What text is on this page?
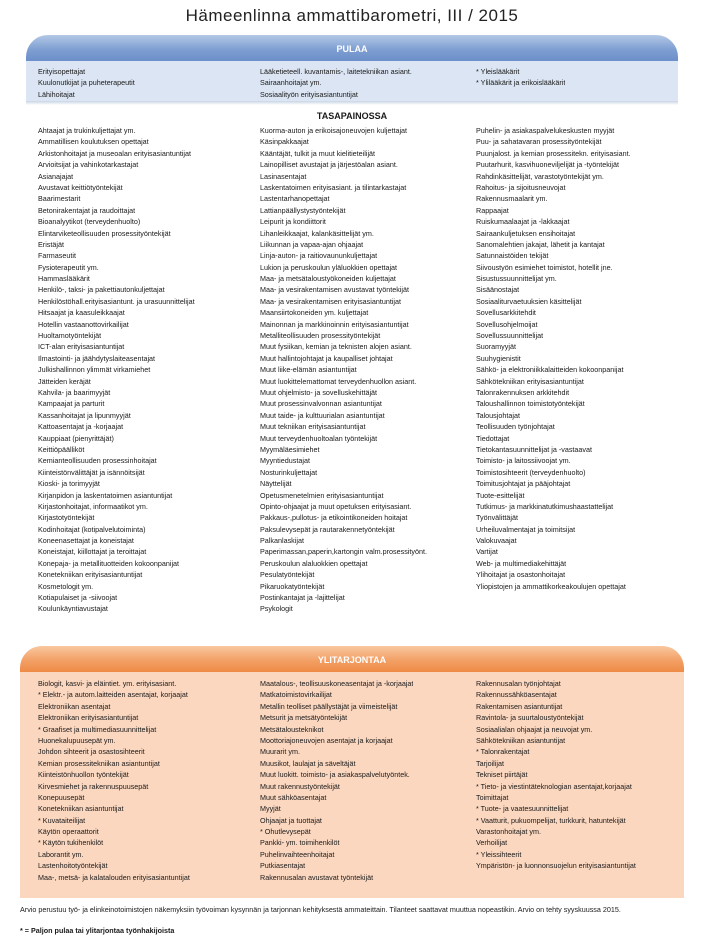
Hämeenlinna ammattibarometri, III / 2015
PULAA
Erityisopettajat
Kuulonutkijat ja puheterapeutit
Lähihoitajat
Lääketieteell. kuvantamis-, laitetekniikan asiant.
Sairaanhoitajat ym.
Sosiaalityön erityisasiantuntijat
* Yleislääkärit
* Ylilääkärit ja erikoislääkärit
TASAPAINOSSA
Ahtaajat ja trukinkuljettajat ym.
Ammatillisen koulutuksen opettajat
Arkistonhoitajat ja museoalan erityisasiantuntijat
Arvioitsijat ja vahinkotarkastajat
Asianajajat
Avustavat keittiötyöntekijät
Baarimestarit
Betonirakentajat ja raudoittajat
Bioanalyytikot (terveydenhuolto)
Elintarviketeollisuuden prosessityöntekijät
Eristäjät
Farmaseutit
Fysioterapeutit ym.
Hammaslääkärit
Henkilö-, taksi- ja pakettiautonkuljettajat
Henkilöstöhall.erityisasiantunt. ja urasuunnittelijat
Hitsaajat ja kaasuleikkaajat
Hotellin vastaanottovirkailijat
Huoltamotyöntekijät
ICT-alan erityisasiantuntijat
Ilmastointi- ja jäähdytyslaiteasentajat
Julkishallinnon ylimmät virkamiehet
Jätteiden keräjät
Kahvila- ja baarimyyjät
Kampaajat ja parturit
Kassanhoitajat ja lipunmyyjät
Kattoasentajat ja -korjaajat
Kauppiaat (pienyrittäjät)
Keittiöpäälliköt
Kemianteollisuuden prosessinhoitajat
Kiinteistönvälittäjät ja isännöitsijät
Kioski- ja torimyyjät
Kirjanpidon ja laskentatoimen asiantuntijat
Kirjastonhoitajat, informaatikot ym.
Kirjastotyöntekijät
Kodinhoitajat (kotipalvelutoiminta)
Koneenasettajat ja koneistajat
Koneistajat, kiillottajat ja teroittajat
Konepaja- ja metallituotteiden kokoonpanijat
Konetekniikan erityisasiantuntijat
Kosmetologit ym.
Kotiapulaiset ja -siivoojat
Koulunkäyntiavustajat
Kuorma-auton ja erikoisajoneuvojen kuljettajat
Käsinpakkaajat
Kääntäjät, tulkit ja muut kielitieteilijät
Lainopilliset avustajat ja järjestöalan asiant.
Lasinasentajat
Laskentatoimen erityisasiant. ja tilintarkastajat
Lastentarhanopettajat
Lattianpäällystystyöntekijät
Leipurit ja kondiittorit
Lihanleikkaajat, kalankäsittelijät ym.
Liikunnan ja vapaa-ajan ohjaajat
Linja-auton- ja raitiovaununkuljettajat
Lukion ja peruskoulun yläluokkien opettajat
Maa- ja metsätaloustyökoneiden kuljettajat
Maa- ja vesirakentamisen avustavat työntekijät
Maa- ja vesirakentamisen erityisasiantuntijat
Maansiirtokoneiden ym. kuljettajat
Mainonnan ja markkinoinnin erityisasiantuntijat
Metalliteollisuuden prosessityöntekijät
Muut fysiikan, kemian ja teknisten alojen asiant.
Muut hallintojohtajat ja kaupalliset johtajat
Muut liike-elämän asiantuntijat
Muut luokittelemattomat terveydenhuollon asiant.
Muut ohjelmisto- ja sovelluskehittäjät
Muut prosessinvalvonnan asiantuntijat
Muut taide- ja kulttuurialan asiantuntijat
Muut tekniikan erityisasiantuntijat
Muut terveydenhuoltoalan työntekijät
Myymäläesimiehet
Myyntiedustajat
Nosturinkuljettajat
Näyttelijät
Opetusmenetelmien erityisasiantuntijat
Opinto-ohjaajat ja muut opetuksen erityisasiant.
Pakkaus-,pullotus- ja etikointikoneiden hoitajat
Paksulevysepät ja rautarakennetyöntekijät
Palkanlaskijat
Paperimassan,paperin,kartongin valm.prosessityönt.
Peruskoulun alaluokkien opettajat
Pesulatyöntekijät
Pikaruokatyöntekijät
Postinkantajat ja -lajittelijat
Psykologit
Puhelin- ja asiakaspalvelukeskusten myyjät
Puu- ja sahatavaran prosessityöntekijät
Puunjalost. ja kemian prosessitekn. erityisasiant.
Puutarhurit, kasvihuoneviljelijät ja -työntekijät
Rahdinkäsittelijät, varastotyöntekijät ym.
Rahoitus- ja sijoitusneuvojat
Rakennusmaalarit ym.
Rappaajat
Ruiskumaalaajat ja -lakkaajat
Sairaankuljetuksen ensihoitajat
Sanomalehtien jakajat, lähetit ja kantajat
Satunnaistöiden tekijät
Siivoustyön esimiehet toimistot, hotellit jne.
Sisustussuunnittelijat ym.
Sisäänostajat
Sosiaaliturvaetuuksien käsittelijät
Sovellusarkkitehdit
Sovellusohjelmoijat
Sovellussuunnittelijat
Suoramyyjät
Suuhygienistit
Sähkö- ja elektroniikkalaitteiden kokoonpanijat
Sähkötekniikan erityisasiantuntijat
Talonrakennuksen arkkitehdit
Taloushallinnon toimistotyöntekijät
Talousjohtajat
Teollisuuden työnjohtajat
Tiedottajat
Tietokantasuunnittelijat ja -vastaavat
Toimisto- ja laitossiivoojat ym.
Toimistosihteerit (terveydenhuolto)
Toimitusjohtajat ja pääjohtajat
Tuote-esittelijät
Tutkimus- ja markkinatutkimushaastattelijat
Työnvälittäjät
Urheiluvalmentajat ja toimitsijat
Valokuvaajat
Vartijat
Web- ja multimediakehittäjät
Ylihoitajat ja osastonhoitajat
Yliopistojen ja ammattikorkeakoulujen opettajat
YLITARJONTAA
Biologit, kasvi- ja eläintiet. ym. erityisasiant.
* Elektr.- ja autom.laitteiden asentajat, korjaajat
Elektroniikan asentajat
Elektroniikan erityisasiantuntijat
* Graafiset ja multimediasuunnittelijat
Huonekalupuusepät ym.
Johdon sihteerit ja osastosihteerit
Kemian prosessitekniikan asiantuntijat
Kiinteistönhuollon työntekijät
Kirvesmiehet ja rakennuspuusepät
Konepuusepät
Konetekniikan asiantuntijat
* Kuvataiteilijat
Käytön operaattorit
* Käytön tukihenkilöt
Laborantit ym.
Lastenhoitotyöntekijät
Maa-, metsä- ja kalatalouden erityisasiantuntijat
Maatalous-, teollisuuskoneasentajat ja -korjaajat
Matkatoimistovirkailijat
Metallin teolliset päällystäjät ja viimeistelijät
Metsurit ja metsätyöntekijät
Metsätalousteknikot
Moottoriajoneuvojen asentajat ja korjaajat
Muurarit ym.
Muusikot, laulajat ja säveltäjät
Muut luokitt. toimisto- ja asiakaspalvelutyöntek.
Muut rakennustyöntekijät
Muut sähköasentajat
Myyjät
Ohjaajat ja tuottajat
* Ohutlevysepät
Pankki- ym. toimihenkilöt
Puhelinvaihteenhoitajat
Putkiasentajat
Rakennusalan avustavat työntekijät
Rakennusalan työnjohtajat
Rakennussähköasentajat
Rakentamisen asiantuntijat
Ravintola- ja suurtaloustyöntekijät
Sosiaalialan ohjaajat ja neuvojat ym.
Sähkötekniikan asiantuntijat
* Talonrakentajat
Tarjoilijat
Tekniset piirtäjät
* Tieto- ja viestintäteknologian asentajat,korjaajat
Toimittajat
* Tuote- ja vaatesuunnittelijat
* Vaatturit, pukuompelijat, turkkurit, hatuntekijät
Varastonhoitajat ym.
Verhoilijat
* Yleissihteerit
Ympäristön- ja luonnonsuojelun erityisasiantuntijat
Arvio perustuu työ- ja elinkeinotoimistojen näkemyksiin työvoiman kysynnän ja tarjonnan kehityksestä ammateittain. Tilanteet saattavat muuttua nopeastikin. Arvio on tehty syyskuussa 2015.
* = Paljon pulaa tai ylitarjontaa työnhakijoista
